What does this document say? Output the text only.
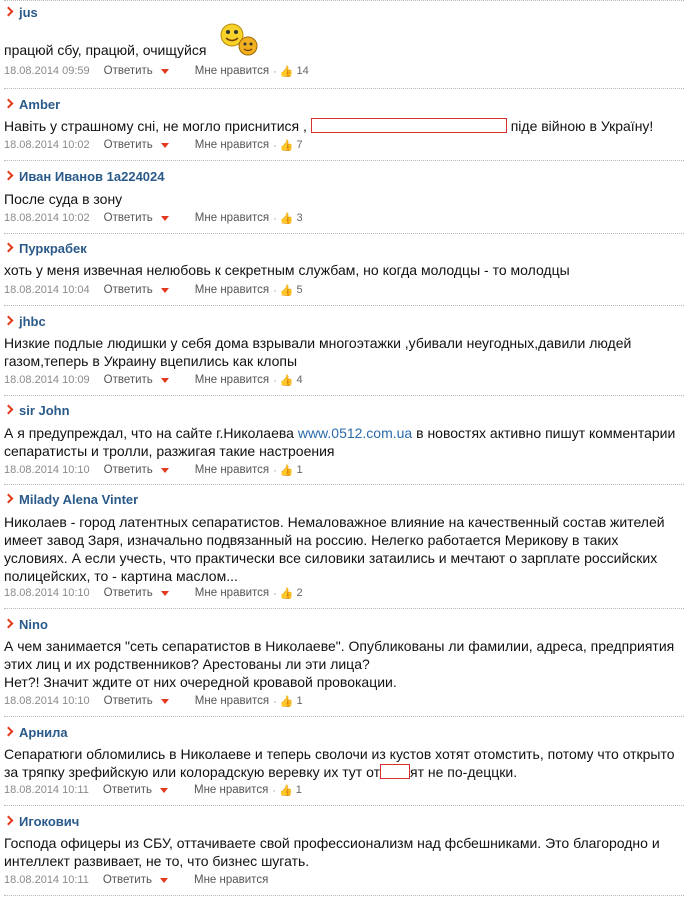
jus
працюй сбу, працюй, очищуйся
18.08.2014 09:59 Ответить	Мне нравится · 👍 14
Amber
Навіть у страшному сні, не могло приснитися ,	піде війною в Україну!
18.08.2014 10:02 Ответить	Мне нравится · 👍 7
Иван Иванов 1а224024
После суда в зону
18.08.2014 10:02 Ответить	Мне нравится · 👍 3
Пуркрабек
хоть у меня извечная нелюбовь к секретным службам, но когда молодцы - то молодцы
18.08.2014 10:04 Ответить	Мне нравится · 👍 5
jhbc
Низкие подлые людишки у себя дома взрывали многоэтажки ,убивали неугодных,давили людей
газом,теперь в Украину вцепились как клопы
18.08.2014 10:09 Ответить	Мне нравится · 👍 4
sir John
А я предупреждал, что на сайте г.Николаева www.0512.com.ua в новостях активно пишут комментарии
сепаратисты и тролли, разжигая такие настроения
18.08.2014 10:10 Ответить	Мне нравится · 👍 1
Milady Alena Vinter
Николаев - город латентных сепаратистов. Немаловажное влияние на качественный состав жителей
имеет завод Заря, изначально подвязанный на россию. Нелегко работается Мерикову в таких
условиях. А если учесть, что практически все силовики затаились и мечтают о зарплате российских
полицейских, то - картина маслом...
18.08.2014 10:10 Ответить	Мне нравится · 👍 2
Nino
А чем занимается "сеть сепаратистов в Николаеве". Опубликованы ли фамилии, адреса, предприятия
этих лиц и их родственников? Арестованы ли эти лица?
Нет?! Значит ждите от них очередной кровавой провокации.
18.08.2014 10:10 Ответить	Мне нравится · 👍 1
Арнила
Сепаратюги обломились в Николаеве и теперь сволочи из кустов хотят отомстить, потому что открыто
за тряпку зрефийскую или колорадскую веревку их тут от ят не по-деццки.
18.08.2014 10:11 Ответить	Мне нравится · 👍 1
Игокович
Господа офицеры из СБУ, оттачиваете свой профессионализм над фсбешниками. Это благородно и
интеллект развивает, не то, что бизнес шугать.
18.08.2014 10:11 Ответить	Мне нравится
